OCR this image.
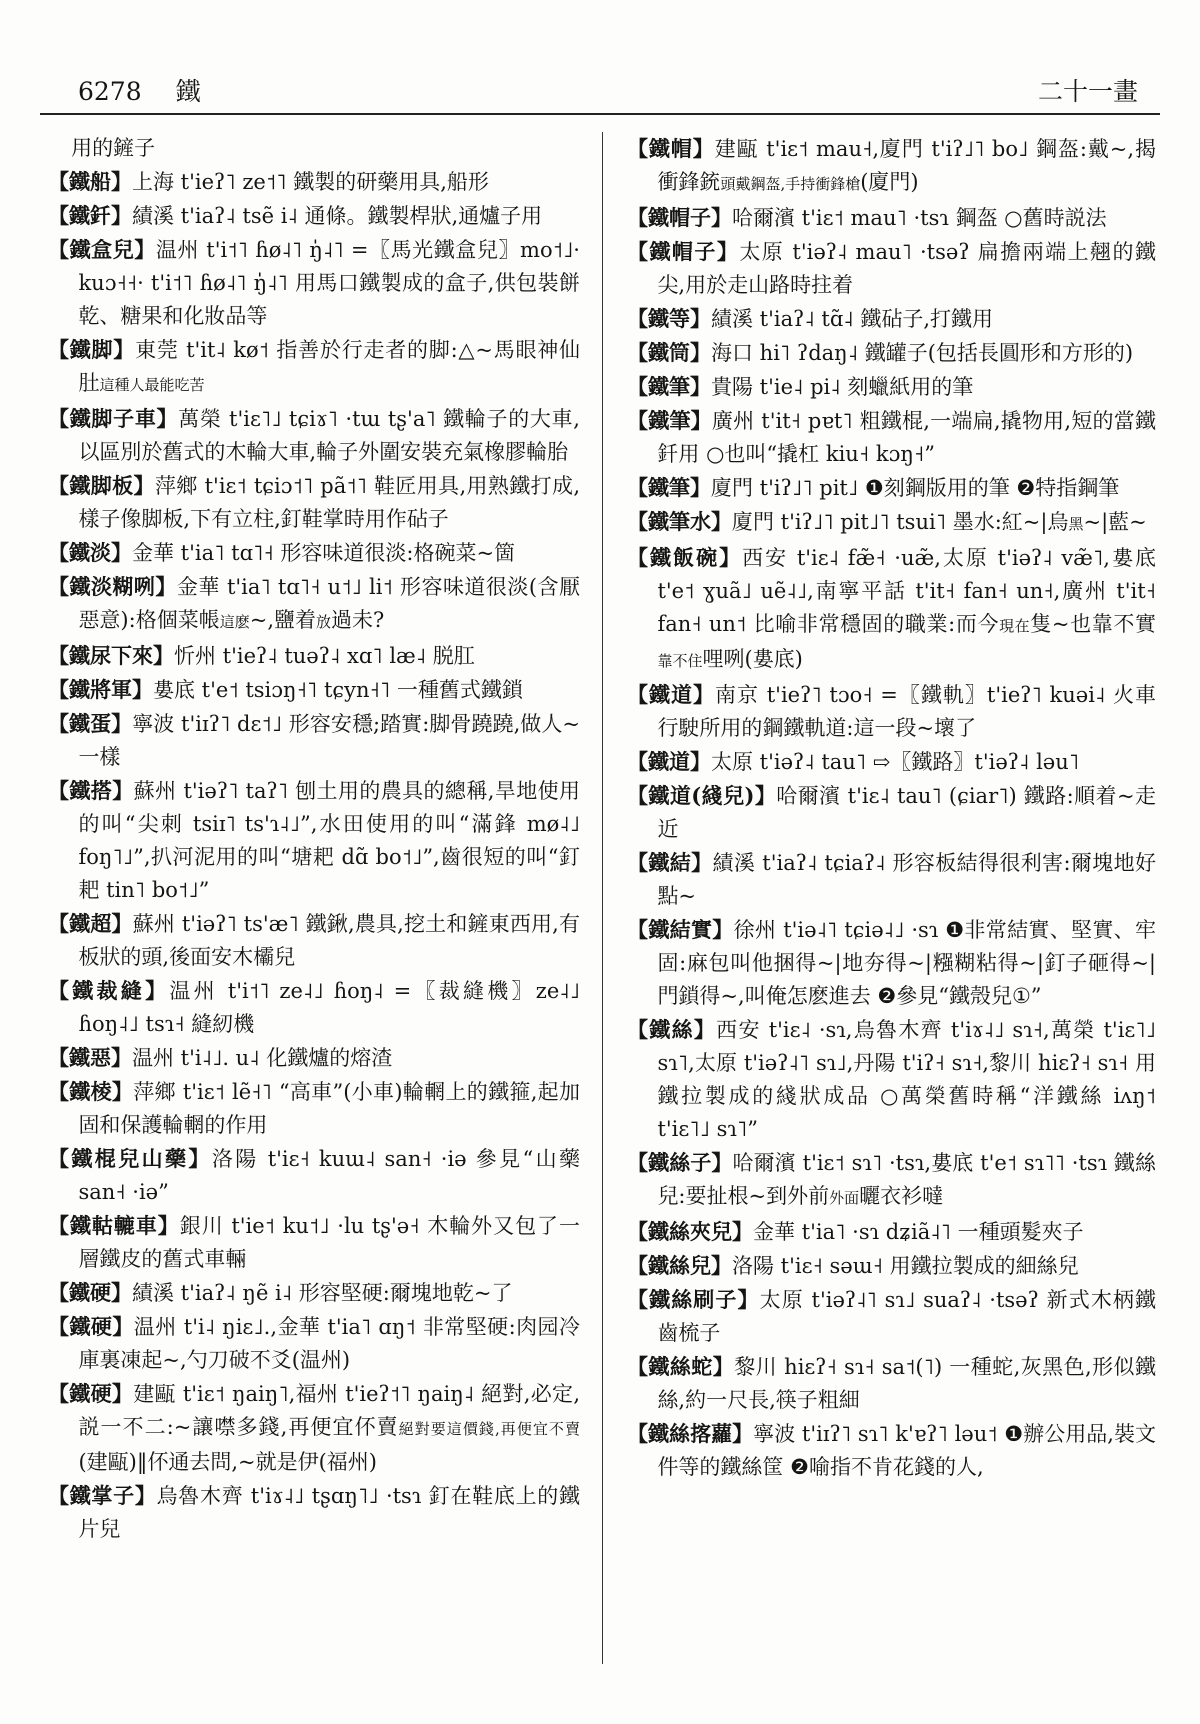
6278 鐵	二十一畫
用的鏟子
【鐵船】上海 t'ieʔ˥ ze˦˥ 鐵製的研藥用具,船形
【鐵釺】績溪 t'iaʔ˨ tsẽ i˨ 通條。鐵製桿狀,通爐子用
【鐵盒兒】温州 t'i˦˥ ɦø˨˥ ŋ̍˨˥ =〖馬光鐵盒兒〗mo˦˩· kuɔ˧˧· t'i˦˥ ɦø˨˥ ŋ̍˨˥ 用馬口鐵製成的盒子,供包裝餅乾、糖果和化妝品等
【鐵脚】東莞 t'it˨ kø˦ 指善於行走者的脚:△~馬眼神仙肚這種人最能吃苦
【鐵脚子車】萬榮 t'iɛ˥˩ tɕiɤ˥ ·tɯ tʂ'a˥ 鐵輪子的大車,以區別於舊式的木輪大車,輪子外圍安裝充氣橡膠輪胎
【鐵脚板】萍鄉 t'iɛ˦ tɕiɔ˦˥ pã˦˥ 鞋匠用具,用熟鐵打成,樣子像脚板,下有立柱,釘鞋掌時用作砧子
【鐵淡】金華 t'ia˥ tɑ˥˧ 形容味道很淡:格碗菜~箇
【鐵淡糊咧】金華 t'ia˥ tɑ˥˧ u˦˩ li˦ 形容味道很淡(含厭惡意):格個菜帳這麽~,鹽着放過未?
【鐵尿下來】忻州 t'ieʔ˨ tuəʔ˨ xɑ˥ læ˨ 脱肛
【鐵將軍】婁底 t'e˦ tsiɔŋ˧˥ tɕyn˧˥ 一種舊式鐵鎖
【鐵蛋】寧波 t'iɪʔ˥ dɛ˦˩ 形容安穩;踏實:脚骨蹺蹺,做人~一樣
【鐵搭】蘇州 t'iəʔ˥ taʔ˥ 刨土用的農具的總稱,旱地使用的叫“尖刺 tsiɪ˥ ts'ɿ˨˩”,水田使用的叫“滿鋒 mø˨˩ foŋ˥˩”,扒河泥用的叫“塘耙 dɑ̃ bo˦˩”,齒很短的叫“釘耙 tin˥ bo˦˩”
【鐵超】蘇州 t'iəʔ˥ ts'æ˥ 鐵鍬,農具,挖土和鏟東西用,有板狀的頭,後面安木欛兒
【鐵裁縫】温州 t'i˦˥ ze˨˩ ɦoŋ˨ =〖裁縫機〗ze˨˩ ɦoŋ˨˩ tsɿ˧ 縫紉機
【鐵惡】温州 t'i˨˩. u˨ 化鐵爐的熔渣
【鐵棱】萍鄉 t'iɛ˦ lẽ˧˥ “高車”(小車)輪輞上的鐵箍,起加固和保護輪輞的作用
【鐵棍兒山藥】洛陽 t'iɛ˧ kuɯ˨ san˧ ·iə 參見“山藥 san˧ ·iə”
【鐵軲轆車】銀川 t'ie˦ ku˦˩ ·lu tʂ'ə˧ 木輪外又包了一層鐵皮的舊式車輛
【鐵硬】績溪 t'iaʔ˨ ŋẽ i˨ 形容堅硬:爾塊地乾~了
【鐵硬】温州 t'i˨ ŋiɛ˩.,金華 t'ia˥ ɑŋ˦ 非常堅硬:肉园冷庫裏凍起~,勺刀破不爻(温州)
【鐵硬】建甌 t'iɛ˦ ŋaiŋ˥,福州 t'ieʔ˦˥ ŋaiŋ˨ 絕對,必定,説一不二:~讓噤多錢,再便宜伓賣絕對要這價錢,再便宜不賣(建甌)‖伓通去問,~就是伊(福州)
【鐵掌子】烏魯木齊 t'iɤ˨˩ tʂɑŋ˥˩ ·tsɿ 釘在鞋底上的鐵片兒
【鐵帽】建甌 t'iɛ˦ mau˧,廈門 t'iʔ˩˥ bo˩ 鋼盔:戴~,揭衝鋒銃頭戴鋼盔,手持衝鋒槍(廈門)
【鐵帽子】哈爾濱 t'iɛ˦ mau˥ ·tsɿ 鋼盔 ○舊時説法
【鐵帽子】太原 t'iəʔ˨ mau˥ ·tsəʔ 扁擔兩端上翹的鐵尖,用於走山路時拄着
【鐵等】績溪 t'iaʔ˨ tɑ̃˨ 鐵砧子,打鐵用
【鐵筒】海口 hi˥ ʔdaŋ˨ 鐵罐子(包括長圓形和方形的)
【鐵筆】貴陽 t'ie˨ pi˨ 刻蠟紙用的筆
【鐵筆】廣州 t'it˧ pɐt˥ 粗鐵棍,一端扁,撬物用,短的當鐵釺用 ○也叫“撬杠 kiu˧ kɔŋ˧”
【鐵筆】廈門 t'iʔ˩˥ pit˩ ❶刻鋼版用的筆 ❷特指鋼筆
【鐵筆水】廈門 t'iʔ˩˥ pit˩˥ tsui˥ 墨水:紅~|烏黑~|藍~
【鐵飯碗】西安 t'iɛ˨ fæ̃˧ ·uæ̃,太原 t'iəʔ˨ væ̃˥,婁底 t'e˦ ɣuã˩ uẽ˨˩,南寧平話 t'it˧ fan˧ un˧,廣州 t'it˧ fan˧ un˦ 比喻非常穩固的職業:而今現在隻~也靠不實靠不住哩咧(婁底)
【鐵道】南京 t'ieʔ˥ tɔo˧ =〖鐵軌〗t'ieʔ˥ kuəi˨ 火車行駛所用的鋼鐵軌道:這一段~壞了
【鐵道】太原 t'iəʔ˨ tau˥ ⇨〖鐵路〗t'iəʔ˨ ləu˥
【鐵道(綫兒)】哈爾濱 t'iɛ˨ tau˥ (ɕiar˥) 鐵路:順着~走近
【鐵結】績溪 t'iaʔ˨ tɕiaʔ˨ 形容板結得很利害:爾塊地好點~
【鐵結實】徐州 t'iə˨˥ tɕiə˨˩ ·sɿ ❶非常結實、堅實、牢固:麻包叫他捆得~|地夯得~|糨糊粘得~|釘子砸得~|門鎖得~,叫俺怎麽進去 ❷參見“鐵殼兒①”
【鐵絲】西安 t'iɛ˨ ·sɿ,烏魯木齊 t'iɤ˨˩ sɿ˧,萬榮 t'iɛ˥˩ sɿ˥,太原 t'iəʔ˨˥ sɿ˩,丹陽 t'iʔ˧ sɿ˧,黎川 hiɛʔ˧ sɿ˧ 用鐵拉製成的綫狀成品 ○萬榮舊時稱“洋鐵絲 iʌŋ˦ t'iɛ˥˩ sɿ˥”
【鐵絲子】哈爾濱 t'iɛ˦ sɿ˥ ·tsɿ,婁底 t'e˦ sɿ˥˥ ·tsɿ 鐵絲兒:要扯根~到外前外面曬衣衫噠
【鐵絲夾兒】金華 t'ia˥ ·sɿ dʑiã˨˥ 一種頭髮夾子
【鐵絲兒】洛陽 t'iɛ˧ səɯ˧ 用鐵拉製成的細絲兒
【鐵絲刷子】太原 t'iəʔ˨˥ sɿ˩ suaʔ˨ ·tsəʔ 新式木柄鐵齒梳子
【鐵絲蛇】黎川 hiɛʔ˧ sɿ˧ sa˦(˥) 一種蛇,灰黑色,形似鐵絲,約一尺長,筷子粗細
【鐵絲揢蘿】寧波 t'iɪʔ˥ sɿ˥ k'ɐʔ˥ ləu˦ ❶辦公用品,裝文件等的鐵絲筐 ❷喻指不肯花錢的人,
